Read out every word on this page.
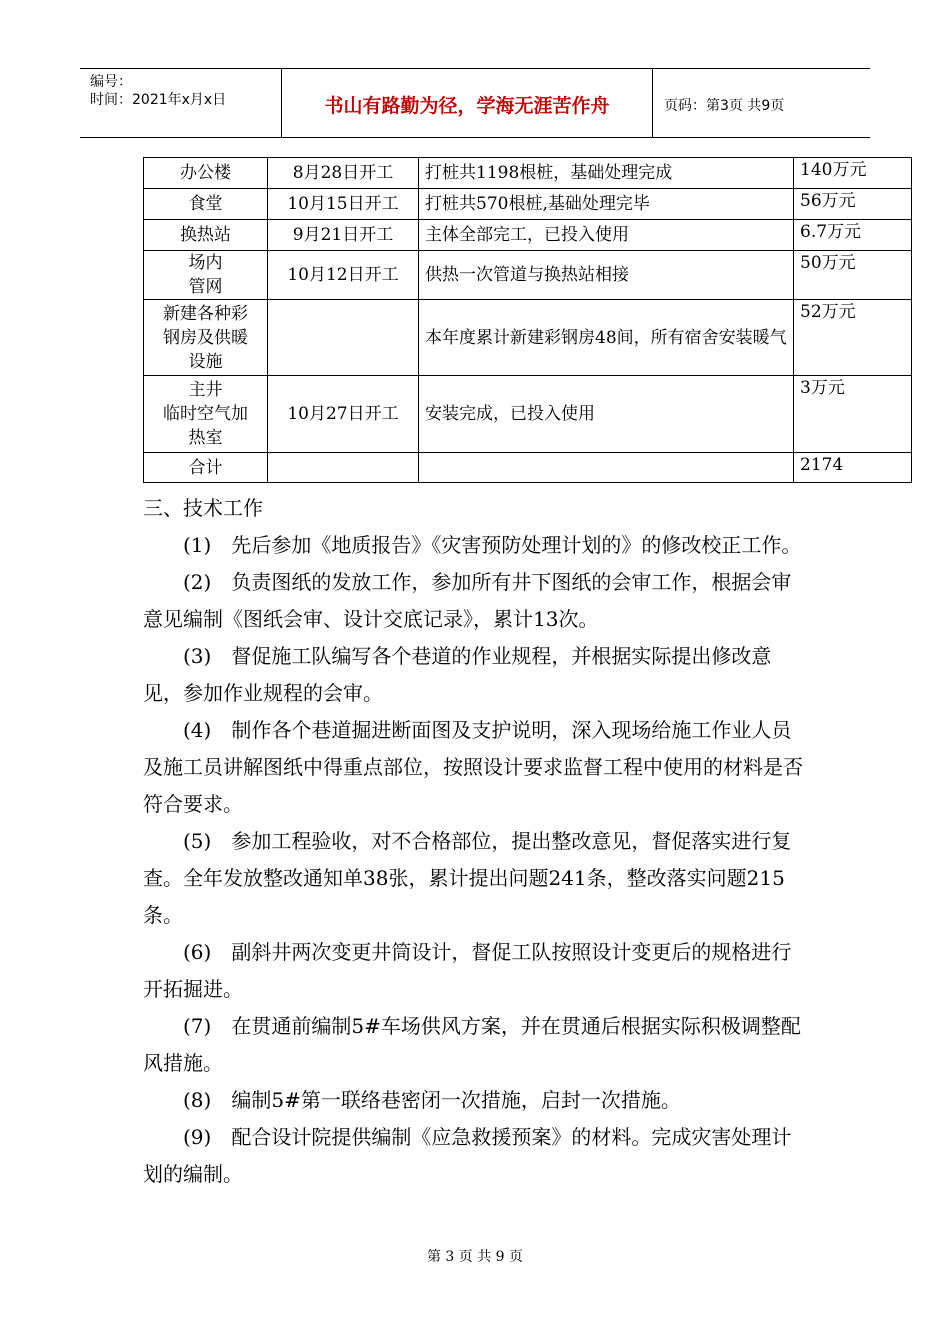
编号：
时间：2021年x月x日	书山有路勤为径，学海无涯苦作舟	页码：第3页 共9页
办公楼	8月28日开工	打桩共1198根桩，基础处理完成	140万元
食堂	10月15日开工	打桩共570根桩,基础处理完毕	56万元
换热站	9月21日开工	主体全部完工，已投入使用	6.7万元
场内
管网	10月12日开工	供热一次管道与换热站相接	50万元
新建各种彩
钢房及供暖
设施		本年度累计新建彩钢房48间，所有宿舍安装暖气	52万元
主井
临时空气加
热室	10月27日开工	安装完成，已投入使用	3万元
合计			2174

三、技术工作

(1) 先后参加《地质报告》《灾害预防处理计划的》的修改校正工作。

(2) 负责图纸的发放工作，参加所有井下图纸的会审工作，根据会审意见编制《图纸会审、设计交底记录》，累计13次。

(3) 督促施工队编写各个巷道的作业规程，并根据实际提出修改意见，参加作业规程的会审。

(4) 制作各个巷道掘进断面图及支护说明，深入现场给施工作业人员及施工员讲解图纸中得重点部位，按照设计要求监督工程中使用的材料是否符合要求。

(5) 参加工程验收，对不合格部位，提出整改意见，督促落实进行复查。全年发放整改通知单38张，累计提出问题241条，整改落实问题215条。

(6) 副斜井两次变更井筒设计，督促工队按照设计变更后的规格进行开拓掘进。

(7) 在贯通前编制5#车场供风方案，并在贯通后根据实际积极调整配风措施。

(8) 编制5#第一联络巷密闭一次措施，启封一次措施。

(9) 配合设计院提供编制《应急救援预案》的材料。完成灾害处理计划的编制。

第 3 页 共 9 页
